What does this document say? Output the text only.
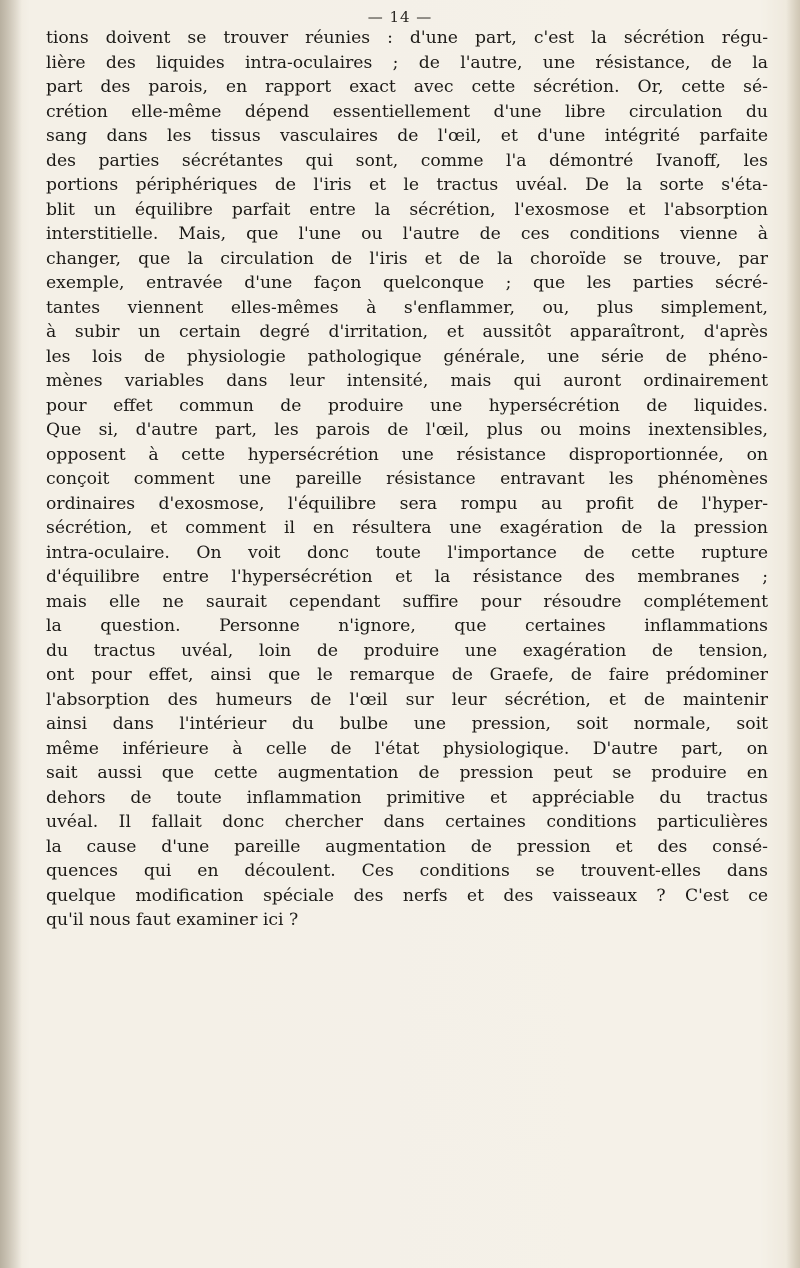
— 14 —
tions doivent se trouver réunies : d'une part, c'est la sécrétion régu-
lière des liquides intra-oculaires ; de l'autre, une résistance, de la
part des parois, en rapport exact avec cette sécrétion. Or, cette sé-
crétion elle-même dépend essentiellement d'une libre circulation du
sang dans les tissus vasculaires de l'œil, et d'une intégrité parfaite
des parties sécrétantes qui sont, comme l'a démontré Ivanoff, les
portions périphériques de l'iris et le tractus uvéal. De la sorte s'éta-
blit un équilibre parfait entre la sécrétion, l'exosmose et l'absorption
interstitielle. Mais, que l'une ou l'autre de ces conditions vienne à
changer, que la circulation de l'iris et de la choroïde se trouve, par
exemple, entravée d'une façon quelconque ; que les parties sécré-
tantes viennent elles-mêmes à s'enflammer, ou, plus simplement,
à subir un certain degré d'irritation, et aussitôt apparaîtront, d'après
les lois de physiologie pathologique générale, une série de phéno-
mènes variables dans leur intensité, mais qui auront ordinairement
pour effet commun de produire une hypersécrétion de liquides.
Que si, d'autre part, les parois de l'œil, plus ou moins inextensibles,
opposent à cette hypersécrétion une résistance disproportionnée, on
conçoit comment une pareille résistance entravant les phénomènes
ordinaires d'exosmose, l'équilibre sera rompu au profit de l'hyper-
sécrétion, et comment il en résultera une exagération de la pression
intra-oculaire. On voit donc toute l'importance de cette rupture
d'équilibre entre l'hypersécrétion et la résistance des membranes ;
mais elle ne saurait cependant suffire pour résoudre complétement
la question. Personne n'ignore, que certaines inflammations
du tractus uvéal, loin de produire une exagération de tension,
ont pour effet, ainsi que le remarque de Graefe, de faire prédominer
l'absorption des humeurs de l'œil sur leur sécrétion, et de maintenir
ainsi dans l'intérieur du bulbe une pression, soit normale, soit
même inférieure à celle de l'état physiologique. D'autre part, on
sait aussi que cette augmentation de pression peut se produire en
dehors de toute inflammation primitive et appréciable du tractus
uvéal. Il fallait donc chercher dans certaines conditions particulières
la cause d'une pareille augmentation de pression et des consé-
quences qui en découlent. Ces conditions se trouvent-elles dans
quelque modification spéciale des nerfs et des vaisseaux ? C'est ce
qu'il nous faut examiner ici ?
